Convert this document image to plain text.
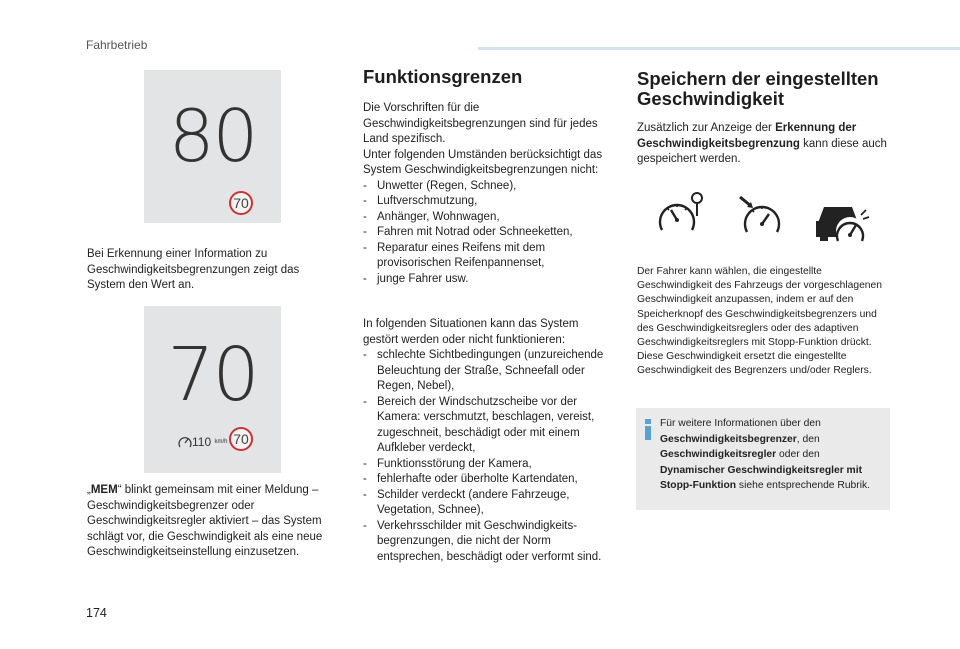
Fahrbetrieb
80
70
Bei Erkennung einer Information zu Geschwindigkeitsbegrenzungen zeigt das System den Wert an.
70
110 km/h 70
„MEM“ blinkt gemeinsam mit einer Meldung – Geschwindigkeitsbegrenzer oder Geschwindigkeitsregler aktiviert – das System schlägt vor, die Geschwindigkeit als eine neue Geschwindigkeitseinstellung einzusetzen.
Funktionsgrenzen

Die Vorschriften für die Geschwindigkeitsbegrenzungen sind für jedes Land spezifisch.

Unter folgenden Umständen berücksichtigt das System Geschwindigkeitsbegrenzungen nicht:

- Unwetter (Regen, Schnee),
- Luftverschmutzung,
- Anhänger, Wohnwagen,
- Fahren mit Notrad oder Schneeketten,
- Reparatur eines Reifens mit dem provisorischen Reifenpannenset,
- junge Fahrer usw.

In folgenden Situationen kann das System gestört werden oder nicht funktionieren:

- schlechte Sichtbedingungen (unzureichende Beleuchtung der Straße, Schneefall oder Regen, Nebel),
- Bereich der Windschutzscheibe vor der Kamera: verschmutzt, beschlagen, vereist, zugeschneit, beschädigt oder mit einem Aufkleber verdeckt,
- Funktionsstörung der Kamera,
- fehlerhafte oder überholte Kartendaten,
- Schilder verdeckt (andere Fahrzeuge, Vegetation, Schnee),
- Verkehrsschilder mit Geschwindigkeits-begrenzungen, die nicht der Norm entsprechen, beschädigt oder verformt sind.
Speichern der eingestellten Geschwindigkeit
Zusätzlich zur Anzeige der Erkennung der Geschwindigkeitsbegrenzung kann diese auch gespeichert werden.
Der Fahrer kann wählen, die eingestellte Geschwindigkeit des Fahrzeugs der vorgeschlagenen Geschwindigkeit anzupassen, indem er auf den Speicherknopf des Geschwindigkeitsbegrenzers und des Geschwindigkeitsreglers oder des adaptiven Geschwindigkeitsreglers mit Stopp-Funktion drückt. Diese Geschwindigkeit ersetzt die eingestellte Geschwindigkeit des Begrenzers und/oder Reglers.
Für weitere Informationen über den Geschwindigkeitsbegrenzer, den Geschwindigkeitsregler oder den Dynamischer Geschwindigkeitsregler mit Stopp-Funktion siehe entsprechende Rubrik.
174
